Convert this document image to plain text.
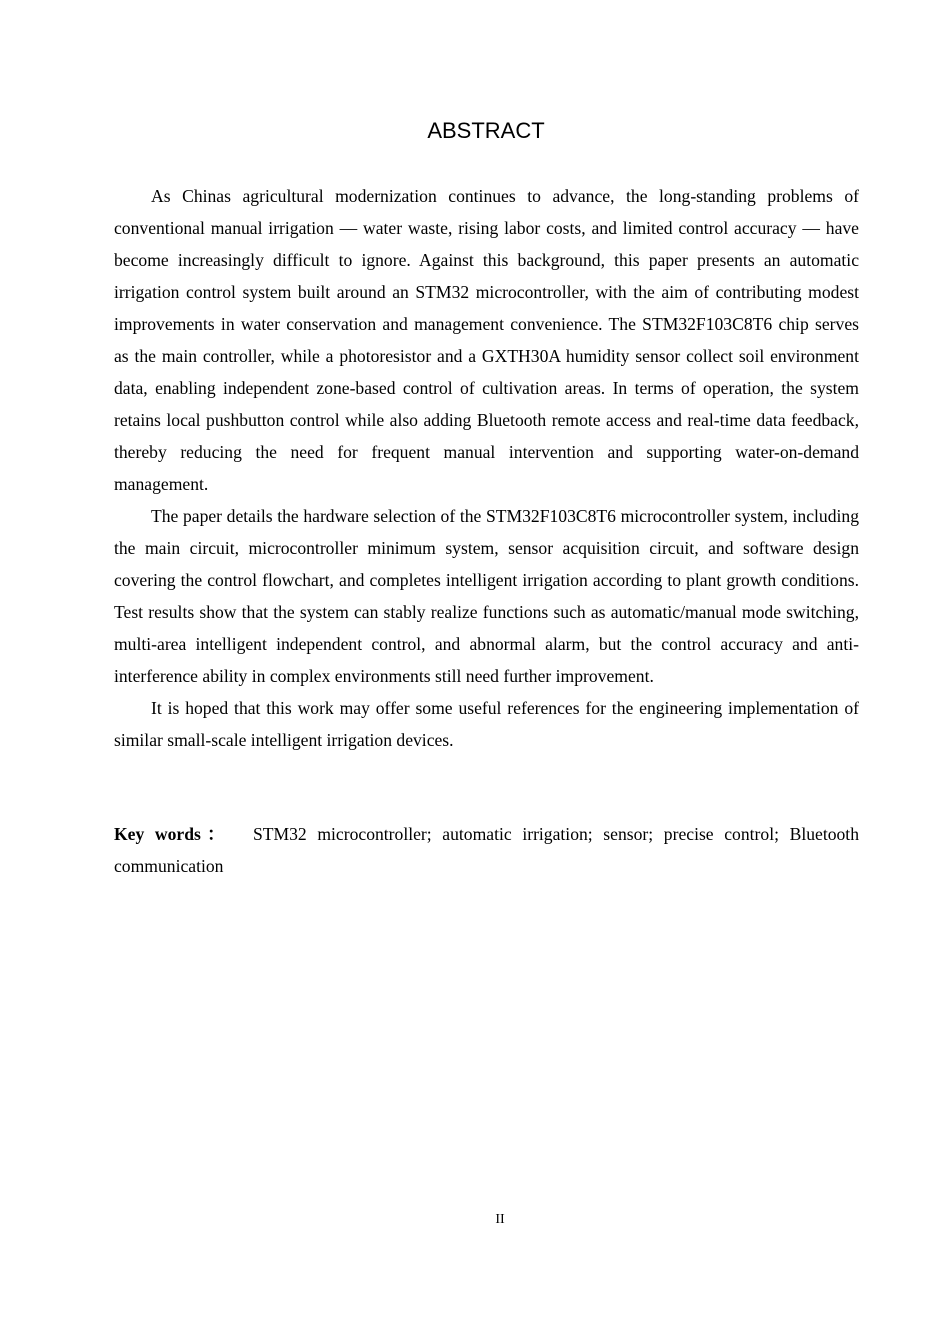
ABSTRACT

As Chinas agricultural modernization continues to advance, the long-standing problems of conventional manual irrigation — water waste, rising labor costs, and limited control accuracy — have become increasingly difficult to ignore. Against this background, this paper presents an automatic irrigation control system built around an STM32 microcontroller, with the aim of contributing modest improvements in water conservation and management convenience. The STM32F103C8T6 chip serves as the main controller, while a photoresistor and a GXTH30A humidity sensor collect soil environment data, enabling independent zone-based control of cultivation areas. In terms of operation, the system retains local pushbutton control while also adding Bluetooth remote access and real-time data feedback, thereby reducing the need for frequent manual intervention and supporting water-on-demand management.

The paper details the hardware selection of the STM32F103C8T6 microcontroller system, including the main circuit, microcontroller minimum system, sensor acquisition circuit, and software design covering the control flowchart, and completes intelligent irrigation according to plant growth conditions. Test results show that the system can stably realize functions such as automatic/manual mode switching, multi-area intelligent independent control, and abnormal alarm, but the control accuracy and anti-interference ability in complex environments still need further improvement.

It is hoped that this work may offer some useful references for the engineering implementation of similar small-scale intelligent irrigation devices.

Key words： STM32 microcontroller; automatic irrigation; sensor; precise control; Bluetooth communication
II
